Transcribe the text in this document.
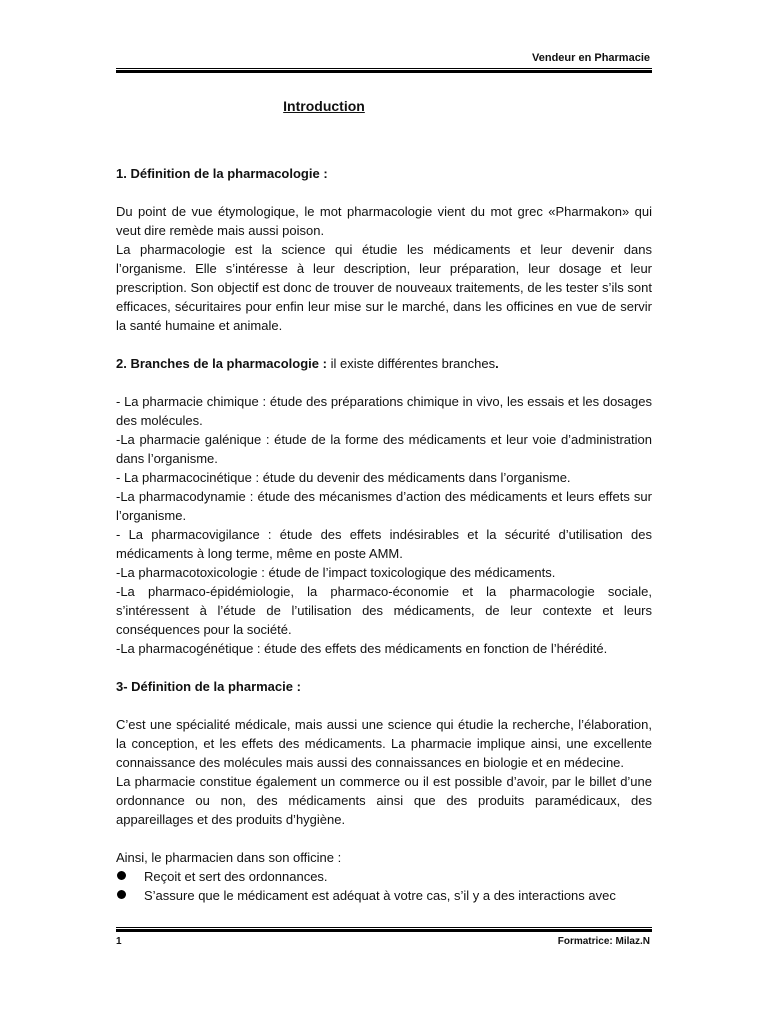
Vendeur en Pharmacie
Introduction

1. Définition de la pharmacologie :

Du point de vue étymologique, le mot pharmacologie vient du mot grec «Pharmakon» qui veut dire remède mais aussi poison.

La pharmacologie est la science qui étudie les médicaments et leur devenir dans l’organisme. Elle s’intéresse à leur description, leur préparation, leur dosage et leur prescription. Son objectif est donc de trouver de nouveaux traitements, de les tester s’ils sont efficaces, sécuritaires pour enfin leur mise sur le marché, dans les officines en vue de servir la santé humaine et animale.

2. Branches de la pharmacologie : il existe différentes branches.

- La pharmacie chimique : étude des préparations chimique in vivo, les essais et les dosages des molécules.

-La pharmacie galénique : étude de la forme des médicaments et leur voie d’administration dans l’organisme.

- La pharmacocinétique : étude du devenir des médicaments dans l’organisme.

-La pharmacodynamie : étude des mécanismes d’action des médicaments et leurs effets sur l’organisme.

- La pharmacovigilance : étude des effets indésirables et la sécurité d’utilisation des médicaments à long terme, même en poste AMM.

-La pharmacotoxicologie : étude de l’impact toxicologique des médicaments.

-La pharmaco-épidémiologie, la pharmaco-économie et la pharmacologie sociale, s’intéressent à l’étude de l’utilisation des médicaments, de leur contexte et leurs conséquences pour la société.

-La pharmacogénétique : étude des effets des médicaments en fonction de l’hérédité.

3- Définition de la pharmacie :

C’est une spécialité médicale, mais aussi une science qui étudie la recherche, l’élaboration, la conception, et les effets des médicaments. La pharmacie implique ainsi, une excellente connaissance des molécules mais aussi des connaissances en biologie et en médecine.

La pharmacie constitue également un commerce ou il est possible d’avoir, par le billet d’une ordonnance ou non, des médicaments ainsi que des produits paramédicaux, des appareillages et des produits d’hygiène.

Ainsi, le pharmacien dans son officine :

Reçoit et sert des ordonnances.
S’assure que le médicament est adéquat à votre cas, s’il y a des interactions avec
1	Formatrice: Milaz.N
